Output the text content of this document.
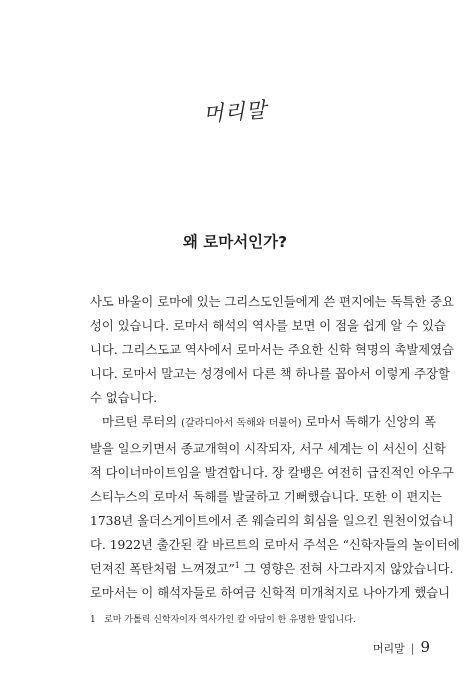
머리말
왜 로마서인가?
사도 바울이 로마에 있는 그리스도인들에게 쓴 편지에는 독특한 중요
성이 있습니다. 로마서 해석의 역사를 보면 이 점을 쉽게 알 수 있습
니다. 그리스도교 역사에서 로마서는 주요한 신학 혁명의 촉발제였습
니다. 로마서 말고는 성경에서 다른 책 하나를 꼽아서 이렇게 주장할
수 없습니다.
마르틴 루터의 (갈라디아서 독해와 더불어) 로마서 독해가 신앙의 폭
발을 일으키면서 종교개혁이 시작되자, 서구 세계는 이 서신이 신학
적 다이너마이트임을 발견합니다. 장 칼뱅은 여전히 급진적인 아우구
스티누스의 로마서 독해를 발굴하고 기뻐했습니다. 또한 이 편지는
1738년 올더스게이트에서 존 웨슬리의 회심을 일으킨 원천이었습니
다. 1922년 출간된 칼 바르트의 로마서 주석은 “신학자들의 놀이터에
던져진 폭탄처럼 느껴졌고”$^1$ 그 영향은 전혀 사그라지지 않았습니다.
로마서는 이 해석자들로 하여금 신학적 미개척지로 나아가게 했습니
1 로마 가톨릭 신학자이자 역사가인 칼 아담이 한 유명한 말입니다.
머리말 | 9
